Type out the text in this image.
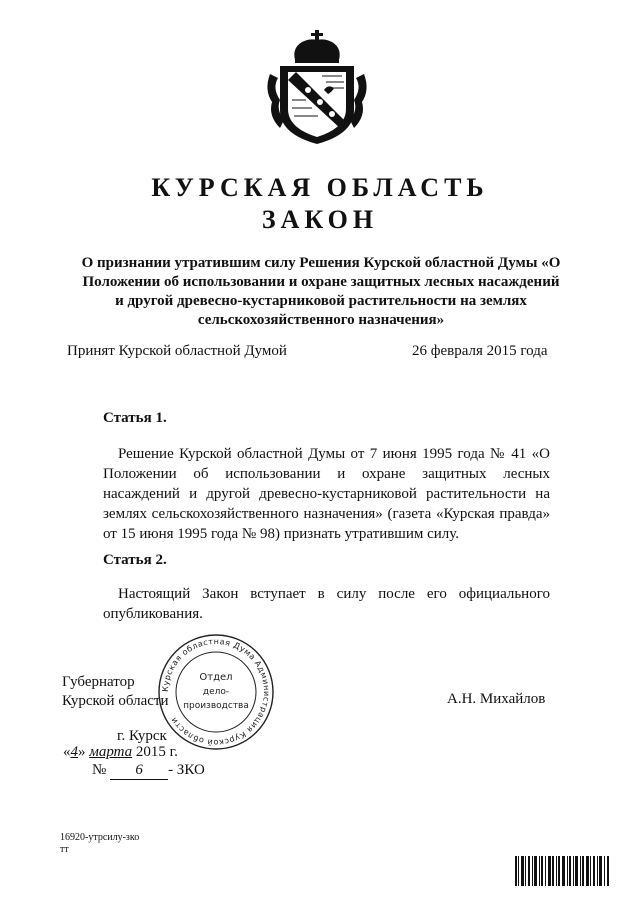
КУРСКАЯ ОБЛАСТЬ
ЗАКОН
О признании утратившим силу Решения Курской областной Думы «О Положении об использовании и охране защитных лесных насаждений и другой древесно-кустарниковой растительности на землях сельскохозяйственного назначения»
Принят Курской областной Думой	26 февраля 2015 года
Статья 1.
Решение Курской областной Думы от 7 июня 1995 года № 41 «О Положении об использовании и охране защитных лесных насаждений и другой древесно-кустарниковой растительности на землях сельскохозяйственного назначения» (газета «Курская правда» от 15 июня 1995 года № 98) признать утратившим силу.
Статья 2.
Настоящий Закон вступает в силу после его официального опубликования.
Губернатор
Курской области	А.Н. Михайлов
Курская областная Дума Администрация Курской области
Отдел
дело-
производства
г. Курск
«4» марта 2015 г.
№ 6 - ЗКО
16920-утрсилу-зко
тт
